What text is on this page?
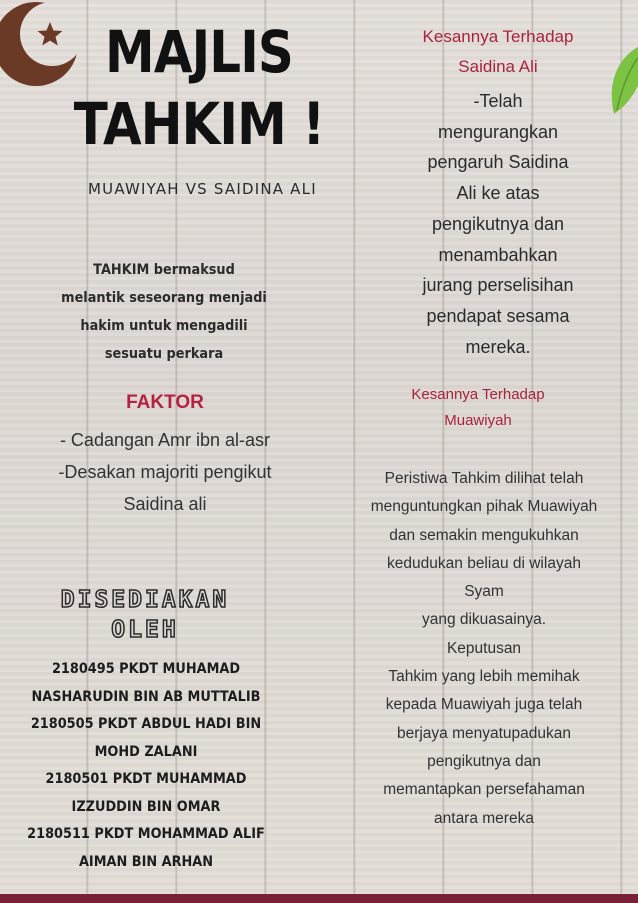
MAJLIS
TAHKIM !
MUAWIYAH VS SAIDINA ALI
TAHKIM bermaksud
melantik seseorang menjadi
hakim untuk mengadili
sesuatu perkara
FAKTOR
- Cadangan Amr ibn al-asr
-Desakan majoriti pengikut
Saidina ali
DISEDIAKAN
OLEH
2180495 PKDT MUHAMAD
NASHARUDIN BIN AB MUTTALIB
2180505 PKDT ABDUL HADI BIN
MOHD ZALANI
2180501 PKDT MUHAMMAD
IZZUDDIN BIN OMAR
2180511 PKDT MOHAMMAD ALIF
AIMAN BIN ARHAN
Kesannya Terhadap
Saidina Ali
-Telah
mengurangkan
pengaruh Saidina
Ali ke atas
pengikutnya dan
menambahkan
jurang perselisihan
pendapat sesama
mereka.
Kesannya Terhadap
Muawiyah
Peristiwa Tahkim dilihat telah
menguntungkan pihak Muawiyah
dan semakin mengukuhkan
kedudukan beliau di wilayah
Syam
yang dikuasainya.
Keputusan
Tahkim yang lebih memihak
kepada Muawiyah juga telah
berjaya menyatupadukan
pengikutnya dan
memantapkan persefahaman
antara mereka
